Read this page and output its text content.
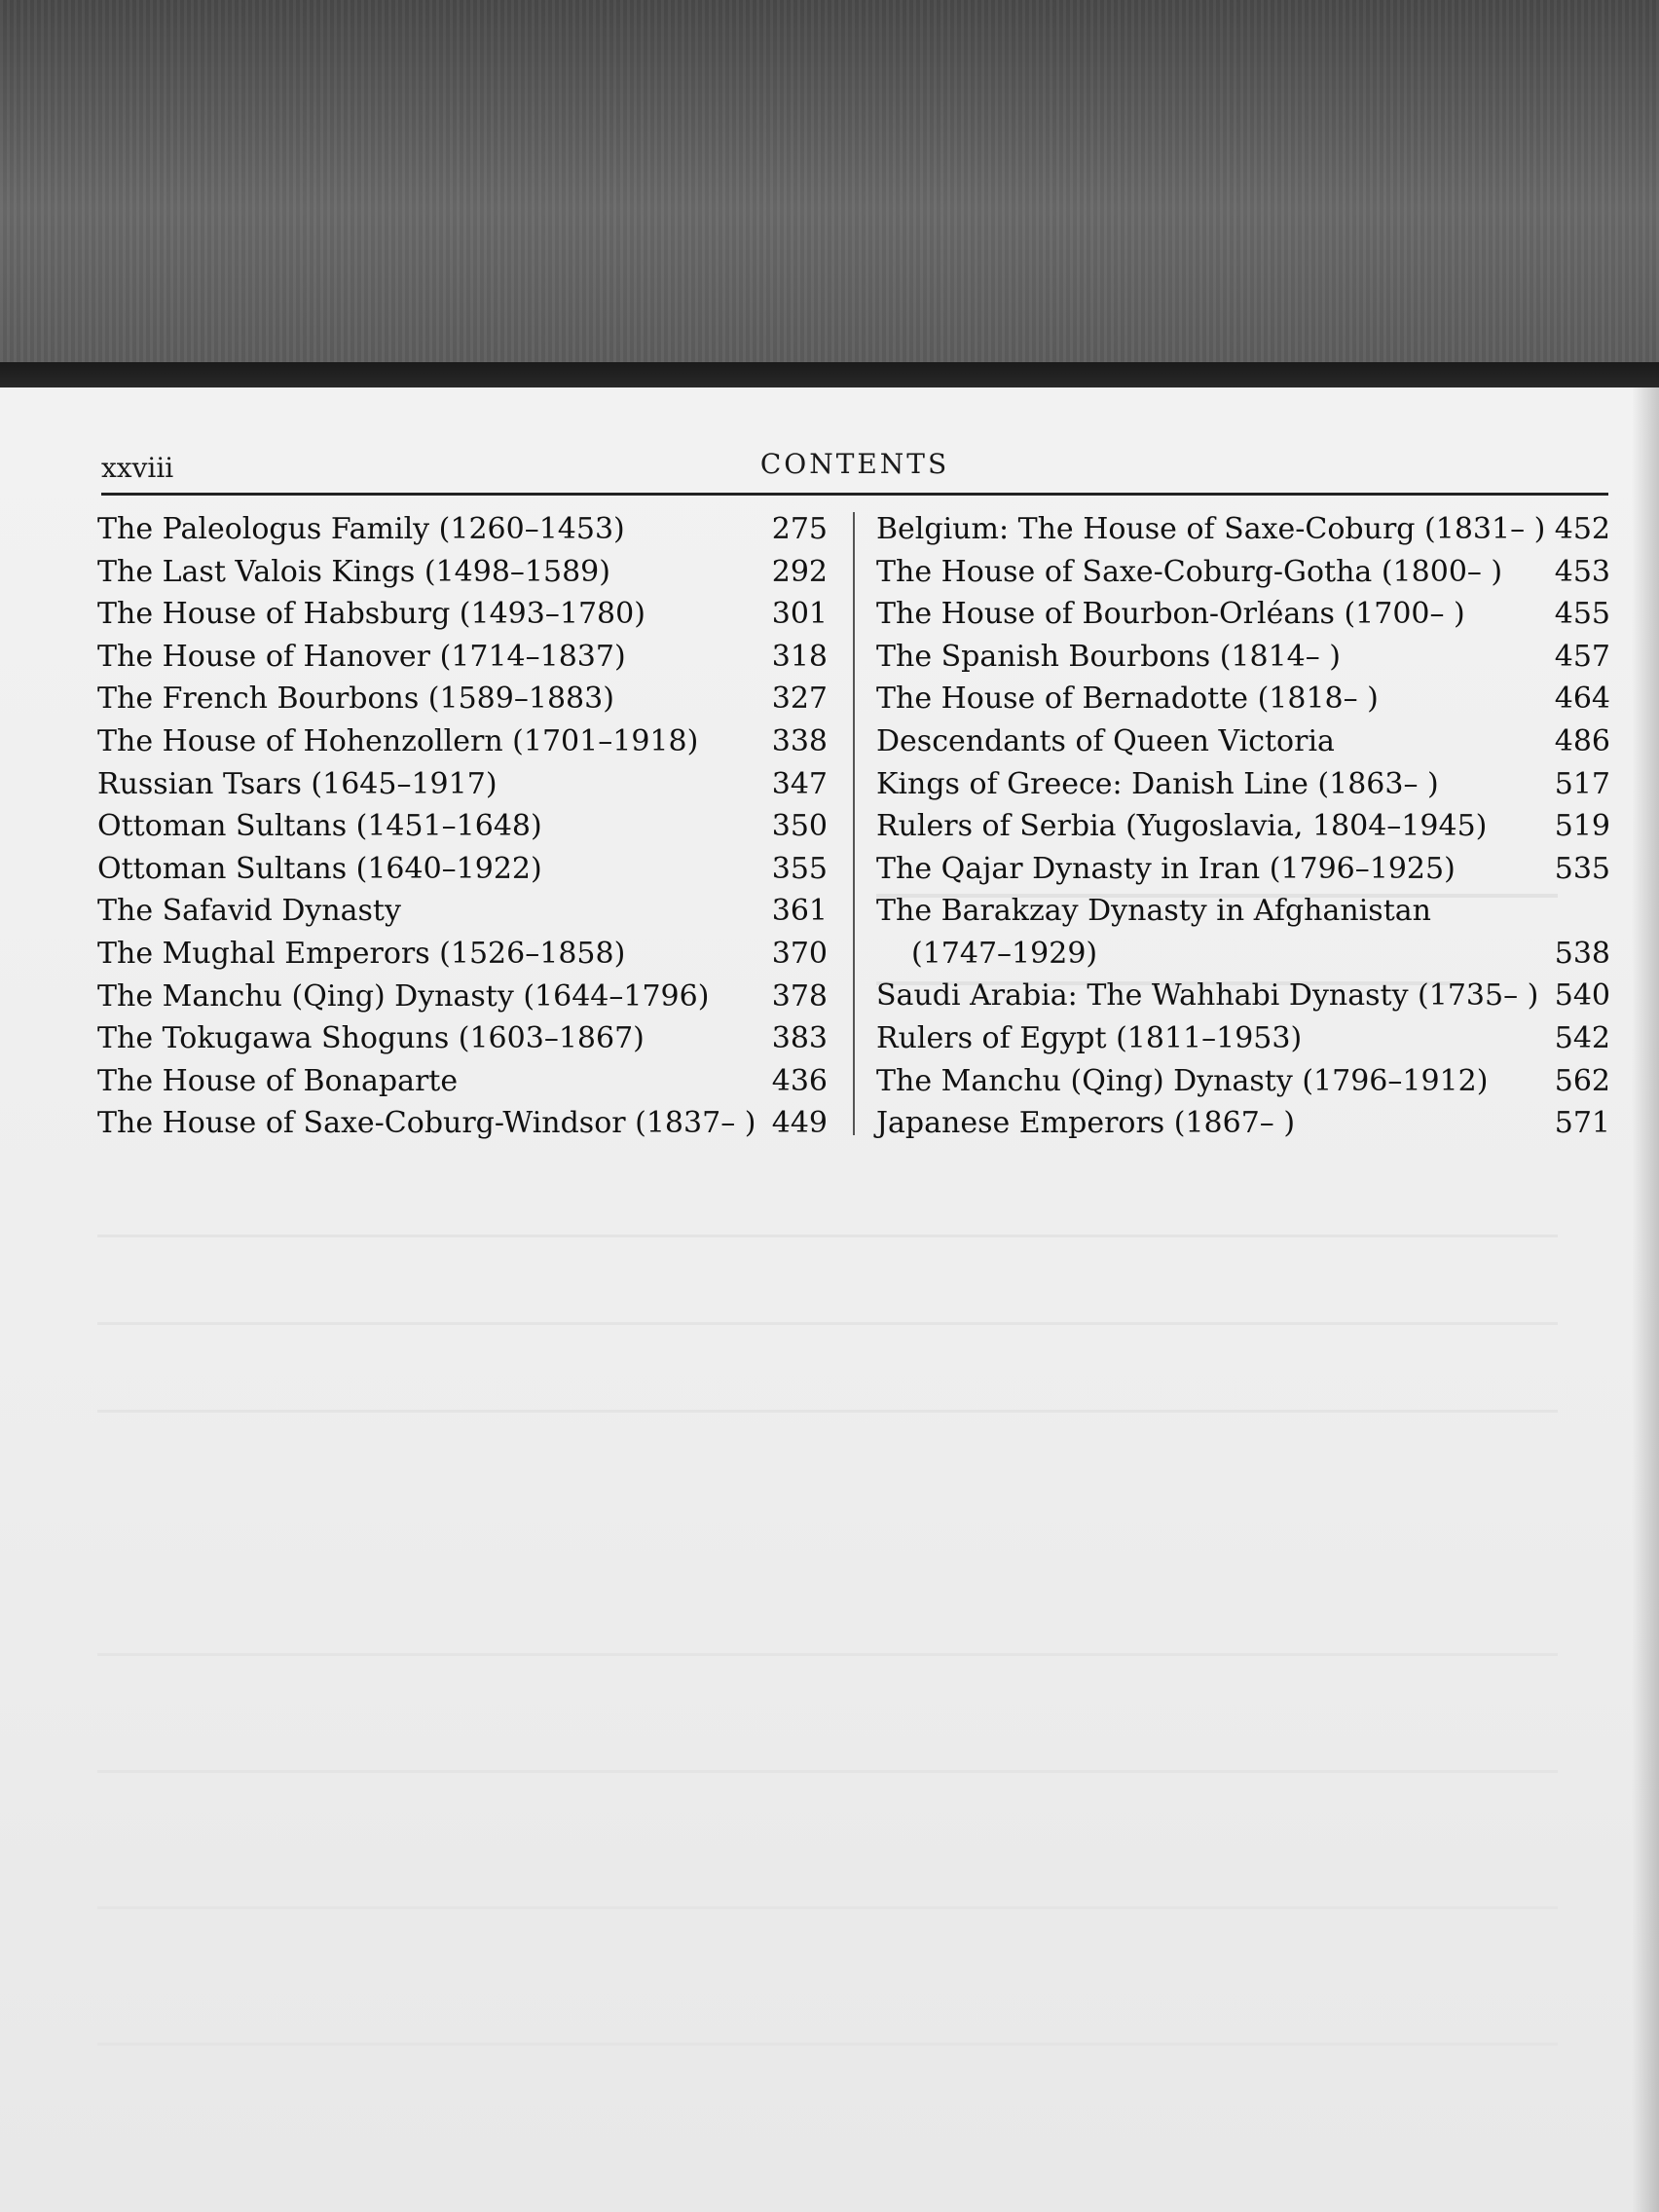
xxviii	CONTENTS
The Paleologus Family (1260–1453)	275
The Last Valois Kings (1498–1589)	292
The House of Habsburg (1493–1780)	301
The House of Hanover (1714–1837)	318
The French Bourbons (1589–1883)	327
The House of Hohenzollern (1701–1918)	338
Russian Tsars (1645–1917)	347
Ottoman Sultans (1451–1648)	350
Ottoman Sultans (1640–1922)	355
The Safavid Dynasty	361
The Mughal Emperors (1526–1858)	370
The Manchu (Qing) Dynasty (1644–1796) 378
The Tokugawa Shoguns (1603–1867)	383
The House of Bonaparte	436
The House of Saxe-Coburg-Windsor (1837– ) 449
Belgium: The House of Saxe-Coburg (1831– ) 452
The House of Saxe-Coburg-Gotha (1800– ) 453
The House of Bourbon-Orléans (1700– )	455
The Spanish Bourbons (1814– )	457
The House of Bernadotte (1818– )	464
Descendants of Queen Victoria	486
Kings of Greece: Danish Line (1863– )	517
Rulers of Serbia (Yugoslavia, 1804–1945) 519
The Qajar Dynasty in Iran (1796–1925)	535
The Barakzay Dynasty in Afghanistan
(1747–1929)	538
Saudi Arabia: The Wahhabi Dynasty (1735– ) 540
Rulers of Egypt (1811–1953)	542
The Manchu (Qing) Dynasty (1796–1912) 562
Japanese Emperors (1867– )	571
